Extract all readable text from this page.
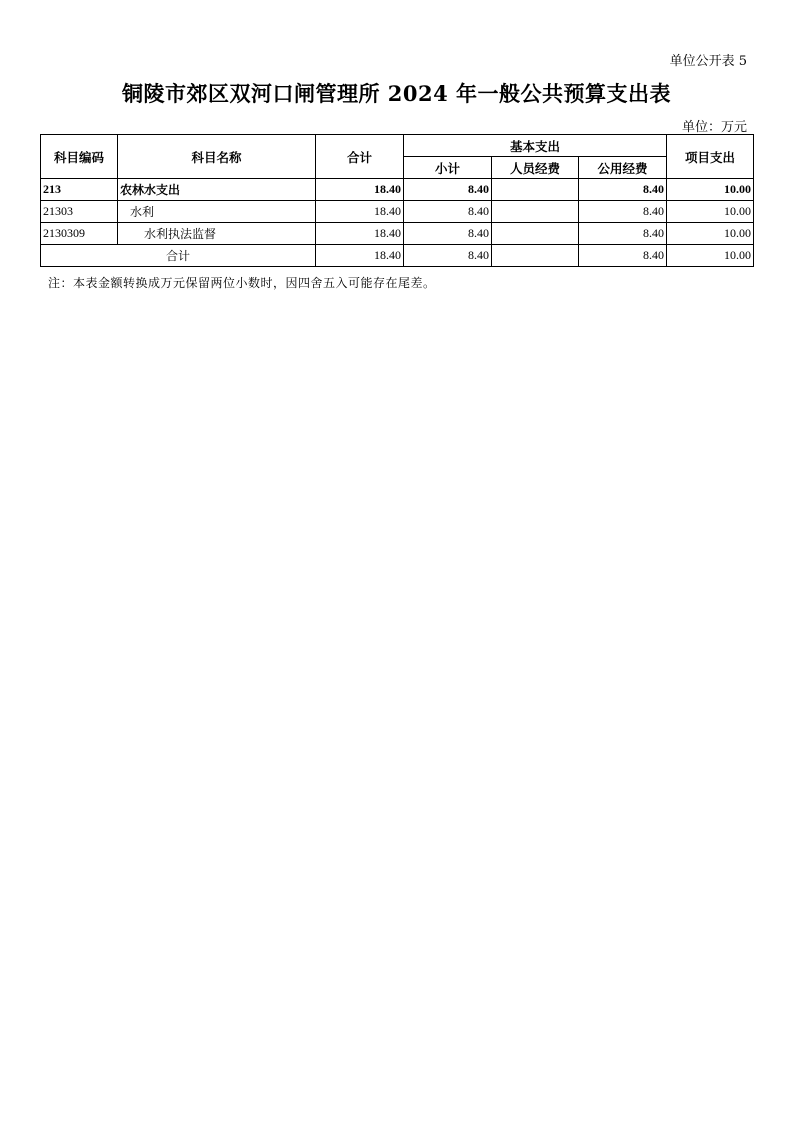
单位公开表 5
铜陵市郊区双河口闸管理所 2024 年一般公共预算支出表
单位：万元
科目编码	科目名称	合计	基本支出			项目支出
			小计	人员经费	公用经费	
213	农林水支出	18.40	8.40		8.40	10.00
21303	水利	18.40	8.40		8.40	10.00
2130309	水利执法监督	18.40	8.40		8.40	10.00
合计		18.40	8.40		8.40	10.00
注：本表金额转换成万元保留两位小数时，因四舍五入可能存在尾差。
